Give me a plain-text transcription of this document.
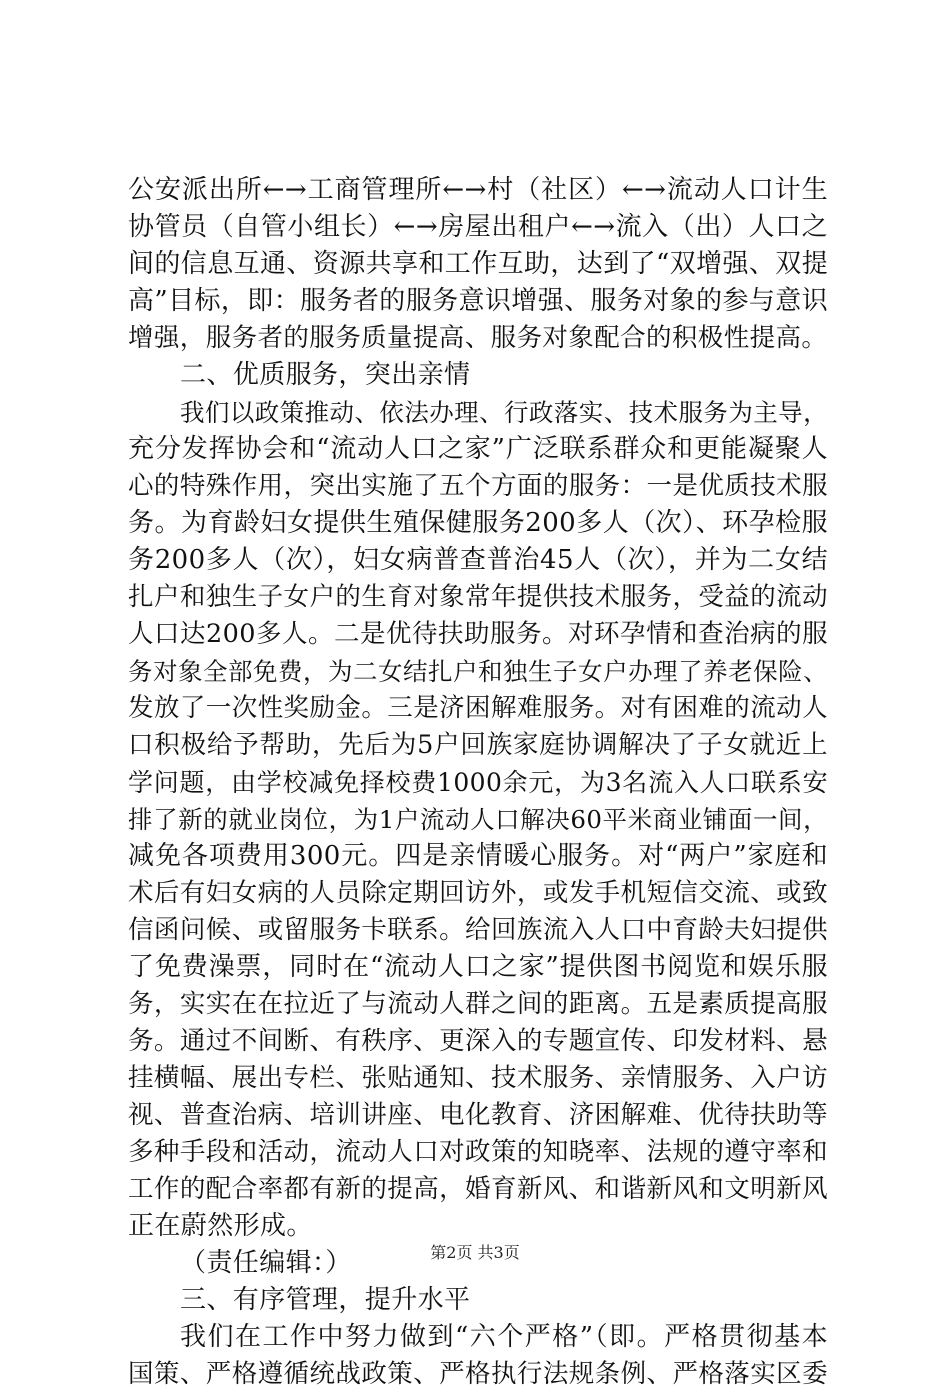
公安派出所←→工商管理所←→村（社区）←→流动人口计生
协管员（自管小组长）←→房屋出租户←→流入（出）人口之
间的信息互通、资源共享和工作互助，达到了“双增强、双提
高”目标，即：服务者的服务意识增强、服务对象的参与意识
增强，服务者的服务质量提高、服务对象配合的积极性提高。
二、优质服务，突出亲情
我们以政策推动、依法办理、行政落实、技术服务为主导，
充分发挥协会和“流动人口之家”广泛联系群众和更能凝聚人
心的特殊作用，突出实施了五个方面的服务：一是优质技术服
务。为育龄妇女提供生殖保健服务200多人（次）、环孕检服
务200多人（次），妇女病普查普治45人（次），并为二女结
扎户和独生子女户的生育对象常年提供技术服务，受益的流动
人口达200多人。二是优待扶助服务。对环孕情和查治病的服
务对象全部免费，为二女结扎户和独生子女户办理了养老保险、
发放了一次性奖励金。三是济困解难服务。对有困难的流动人
口积极给予帮助，先后为5户回族家庭协调解决了子女就近上
学问题，由学校减免择校费1000余元，为3名流入人口联系安
排了新的就业岗位，为1户流动人口解决60平米商业铺面一间，
减免各项费用300元。四是亲情暖心服务。对“两户”家庭和
术后有妇女病的人员除定期回访外，或发手机短信交流、或致
信函问候、或留服务卡联系。给回族流入人口中育龄夫妇提供
了免费澡票，同时在“流动人口之家”提供图书阅览和娱乐服
务，实实在在拉近了与流动人群之间的距离。五是素质提高服
务。通过不间断、有秩序、更深入的专题宣传、印发材料、悬
挂横幅、展出专栏、张贴通知、技术服务、亲情服务、入户访
视、普查治病、培训讲座、电化教育、济困解难、优待扶助等
多种手段和活动，流动人口对政策的知晓率、法规的遵守率和
工作的配合率都有新的提高，婚育新风、和谐新风和文明新风
正在蔚然形成。
（责任编辑：）
三、有序管理，提升水平
我们在工作中努力做到“六个严格”（即。严格贯彻基本
国策、严格遵循统战政策、严格执行法规条例、严格落实区委
第2页 共3页
